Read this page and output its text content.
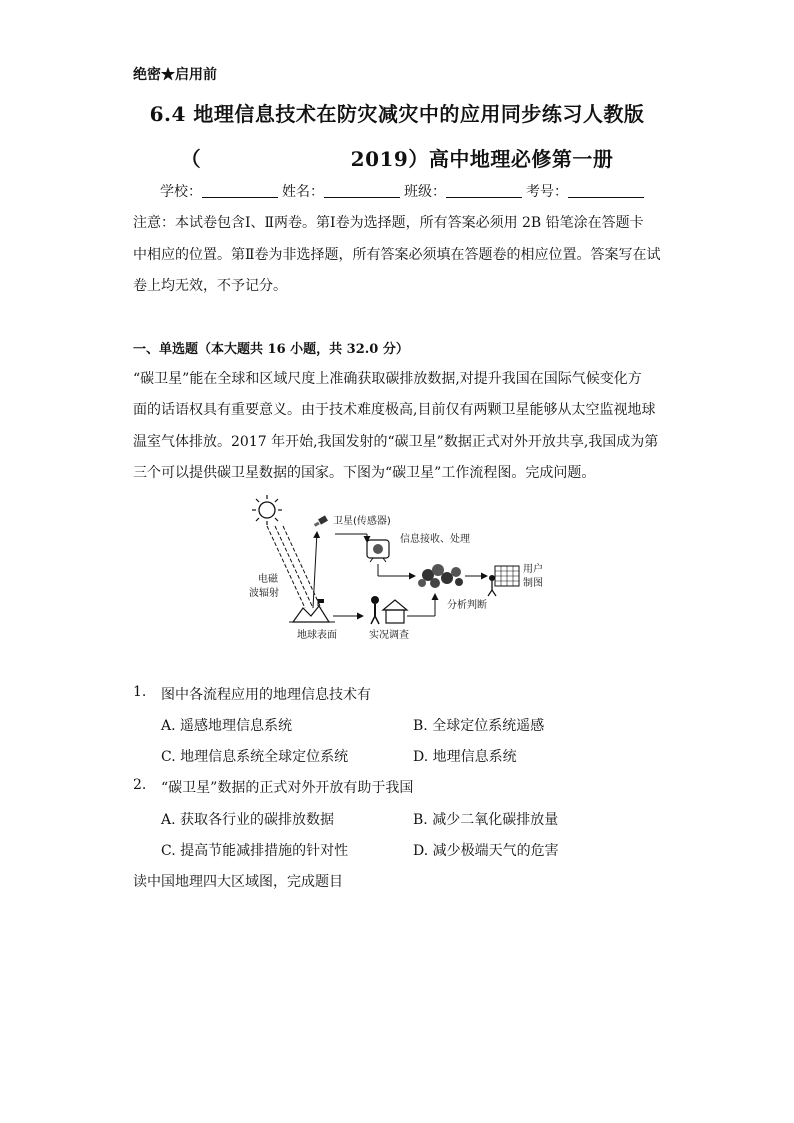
绝密★启用前
6.4 地理信息技术在防灾减灾中的应用同步练习人教版
（	2019）高中地理必修第一册
学校：	姓名：	班级：	考号：
注意：本试卷包含Ⅰ、Ⅱ两卷。第Ⅰ卷为选择题，所有答案必须用 2B 铅笔涂在答题卡
中相应的位置。第Ⅱ卷为非选择题，所有答案必须填在答题卷的相应位置。答案写在试
卷上均无效，不予记分。
一、单选题（本大题共 16 小题，共 32.0 分）
“碳卫星”能在全球和区域尺度上准确获取碳排放数据,对提升我国在国际气候变化方
面的话语权具有重要意义。由于技术难度极高,目前仅有两颗卫星能够从太空监视地球
温室气体排放。2017 年开始,我国发射的“碳卫星”数据正式对外开放共享,我国成为第
三个可以提供碳卫星数据的国家。下图为“碳卫星”工作流程图。完成问题。
卫星(传感器)
信息接收、处理
用户
制图
电磁
波辐射
地球表面	实况调查
分析判断
1. 图中各流程应用的地理信息技术有
A. 遥感地理信息系统	B. 全球定位系统遥感
C. 地理信息系统全球定位系统	D. 地理信息系统
2. “碳卫星”数据的正式对外开放有助于我国
A. 获取各行业的碳排放数据	B. 减少二氧化碳排放量
C. 提高节能减排措施的针对性	D. 减少极端天气的危害
读中国地理四大区域图，完成题目
